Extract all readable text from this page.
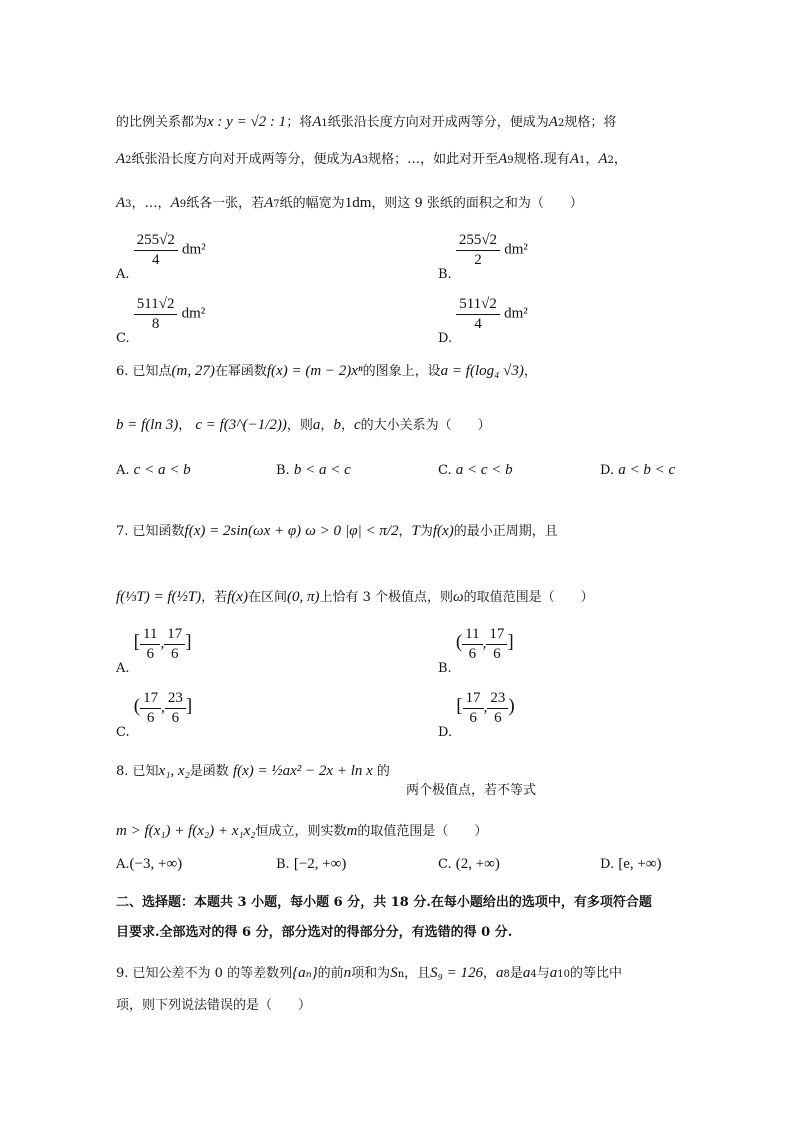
的比例关系都为x : y = √2 : 1；将A1纸张沿长度方向对开成两等分，便成为A2规格；将
A2纸张沿长度方向对开成两等分，便成为A3规格；…，如此对开至A9规格.现有A1，A2，
A3，…，A9纸各一张，若A7纸的幅宽为1dm，则这 9 张纸的面积之和为（　　）
A.
$\frac{255√2}{4} dm^2$
B.
$\frac{255√2}{2} dm^2$
C.
$\frac{511√2}{8} dm^2$
D.
$\frac{511√2}{4} dm^2$
6. 已知点(m, 27)在幂函数f(x) = (m − 2)xⁿ的图象上，设a = f(log₄ √3)，
b = f(ln 3)， c = f(3^(−1/2))，则a，b，c的大小关系为（　　）
A. c < a < b	B. b < a < c	C. a < c < b	D. a < b < c
7. 已知函数f(x) = 2sin(ωx + φ) ω > 0 |φ| < π/2，T为f(x)的最小正周期，且
f(⅓T) = f(½T)，若f(x)在区间(0, π)上恰有 3 个极值点，则ω的取值范围是（　　）
A. [ $\frac{11}{6}$ , $\frac{17}{6}$ ]
B. ( $\frac{11}{6}$ , $\frac{17}{6}$ ]
C. ( $\frac{17}{6}$ , $\frac{23}{6}$ ]
D. [ $\frac{17}{6}$ , $\frac{23}{6}$ )
8. 已知x₁, x₂是函数 f(x) = ½ax² − 2x + ln x 的
两个极值点，若不等式
m > f(x₁) + f(x₂) + x₁x₂恒成立，则实数m的取值范围是（　　）
A.(−3, +∞)	B. [−2, +∞)	C. (2, +∞)	D. [e, +∞)
二、选择题：本题共 3 小题，每小题 6 分，共 18 分.在每小题给出的选项中，有多项符合题
目要求.全部选对的得 6 分，部分选对的得部分分，有选错的得 0 分.
9. 已知公差不为 0 的等差数列{aₙ}的前n项和为Sn，且S₉ = 126，a8是a4与a10的等比中
项，则下列说法错误的是（　　）
